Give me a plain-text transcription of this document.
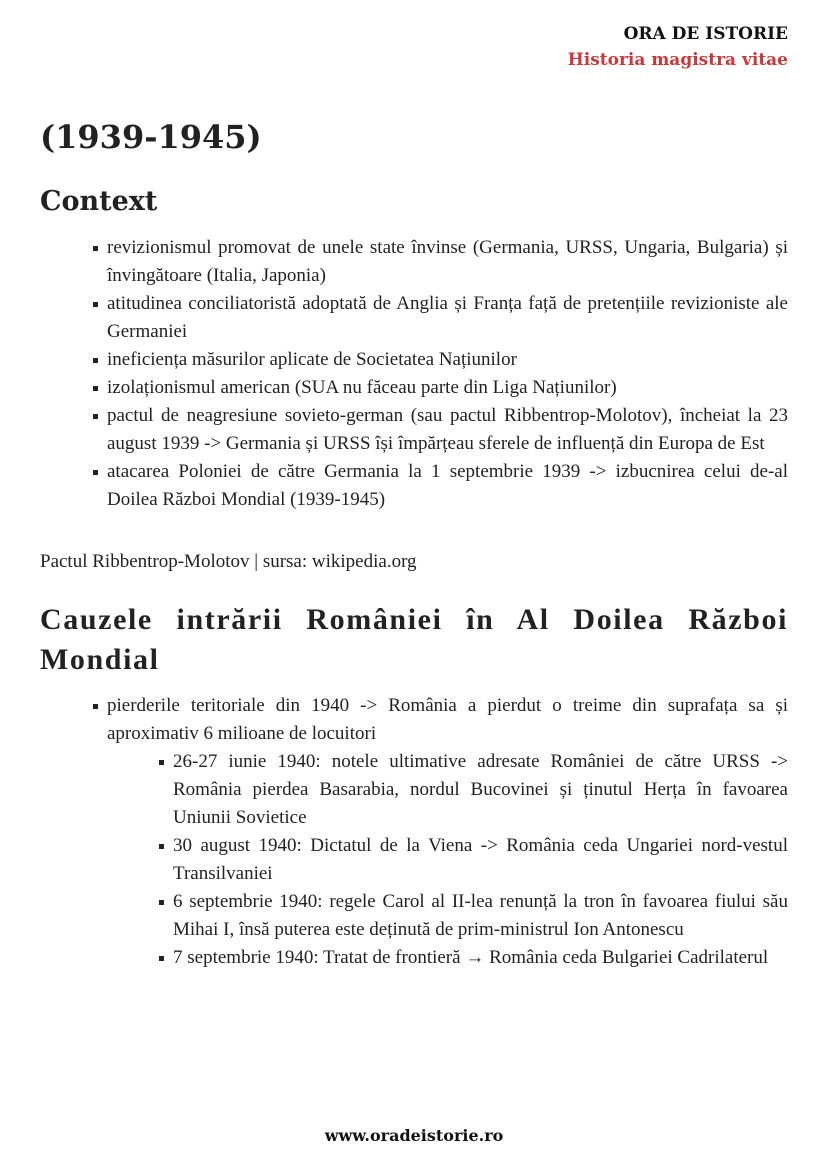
ORA DE ISTORIE
Historia magistra vitae
(1939-1945)
Context
revizionismul promovat de unele state învinse (Germania, URSS, Ungaria, Bulgaria) și învingătoare (Italia, Japonia)
atitudinea conciliatoristă adoptată de Anglia și Franța față de pretențiile revizioniste ale Germaniei
ineficiența măsurilor aplicate de Societatea Națiunilor
izolaționismul american (SUA nu făceau parte din Liga Națiunilor)
pactul de neagresiune sovieto-german (sau pactul Ribbentrop-Molotov), încheiat la 23 august 1939 -> Germania și URSS își împărțeau sferele de influență din Europa de Est
atacarea Poloniei de către Germania la 1 septembrie 1939 -> izbucnirea celui de-al Doilea Război Mondial (1939-1945)
Pactul Ribbentrop-Molotov | sursa: wikipedia.org
Cauzele intrării României în Al Doilea Război Mondial
pierderile teritoriale din 1940 -> România a pierdut o treime din suprafața sa și aproximativ 6 milioane de locuitori
26-27 iunie 1940: notele ultimative adresate României de către URSS -> România pierdea Basarabia, nordul Bucovinei și ținutul Herța în favoarea Uniunii Sovietice
30 august 1940: Dictatul de la Viena -> România ceda Ungariei nord-vestul Transilvaniei
6 septembrie 1940: regele Carol al II-lea renunță la tron în favoarea fiului său Mihai I, însă puterea este deținută de prim-ministrul Ion Antonescu
7 septembrie 1940: Tratat de frontieră → România ceda Bulgariei Cadrilaterul
www.oradeistorie.ro
